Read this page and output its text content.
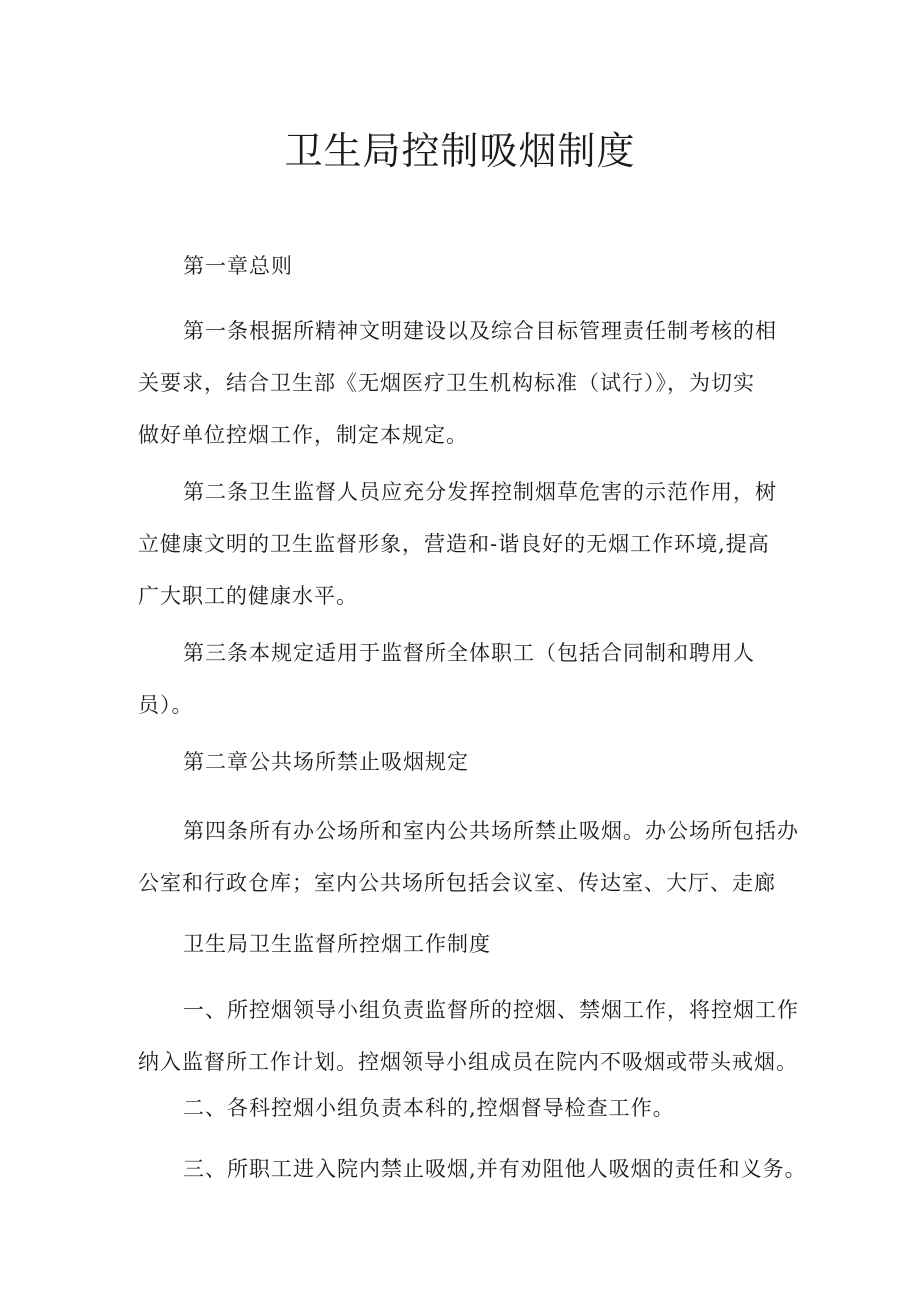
卫生局控制吸烟制度

第一章总则

第一条根据所精神文明建设以及综合目标管理责任制考核的相
关要求，结合卫生部《无烟医疗卫生机构标准（试行）》，为切实
做好单位控烟工作，制定本规定。

第二条卫生监督人员应充分发挥控制烟草危害的示范作用，树
立健康文明的卫生监督形象，营造和-谐良好的无烟工作环境,提高
广大职工的健康水平。

第三条本规定适用于监督所全体职工（包括合同制和聘用人
员）。

第二章公共场所禁止吸烟规定

第四条所有办公场所和室内公共场所禁止吸烟。办公场所包括办
公室和行政仓库；室内公共场所包括会议室、传达室、大厅、走廊

卫生局卫生监督所控烟工作制度

一、所控烟领导小组负责监督所的控烟、禁烟工作，将控烟工作
纳入监督所工作计划。控烟领导小组成员在院内不吸烟或带头戒烟。

二、各科控烟小组负责本科的,控烟督导检查工作。

三、所职工进入院内禁止吸烟,并有劝阻他人吸烟的责任和义务。
